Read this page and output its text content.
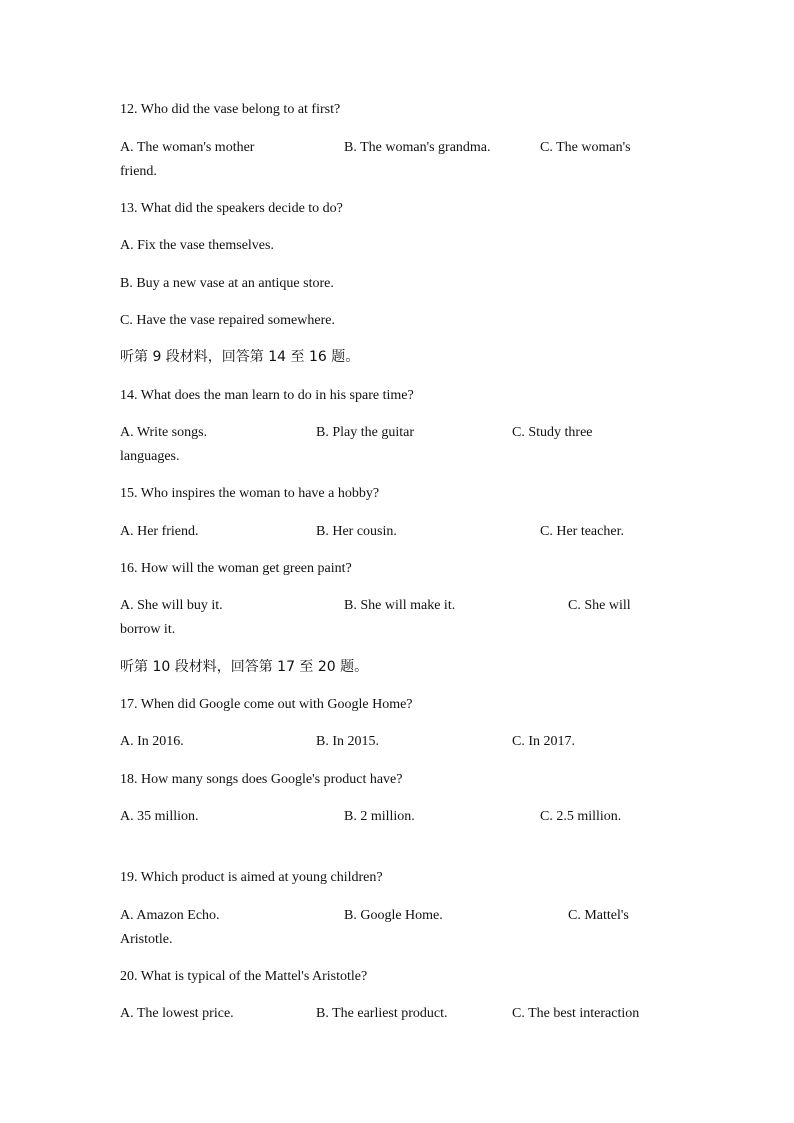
12. Who did the vase belong to at first?
A. The woman's mother	B. The woman's grandma.	C. The woman's
friend.
13. What did the speakers decide to do?
A. Fix the vase themselves.
B. Buy a new vase at an antique store.
C. Have the vase repaired somewhere.
听第 9 段材料，回答第 14 至 16 题。
14. What does the man learn to do in his spare time?
A. Write songs.	B. Play the guitar	C. Study three
languages.
15. Who inspires the woman to have a hobby?
A. Her friend.	B. Her cousin.	C. Her teacher.
16. How will the woman get green paint?
A. She will buy it.	B. She will make it.	C. She will
borrow it.
听第 10 段材料，回答第 17 至 20 题。
17. When did Google come out with Google Home?
A. In 2016.	B. In 2015.	C. In 2017.
18. How many songs does Google's product have?
A. 35 million.	B. 2 million.	C. 2.5 million.
19. Which product is aimed at young children?
A. Amazon Echo.	B. Google Home.	C. Mattel's
Aristotle.
20. What is typical of the Mattel's Aristotle?
A. The lowest price.	B. The earliest product.	C. The best interaction
